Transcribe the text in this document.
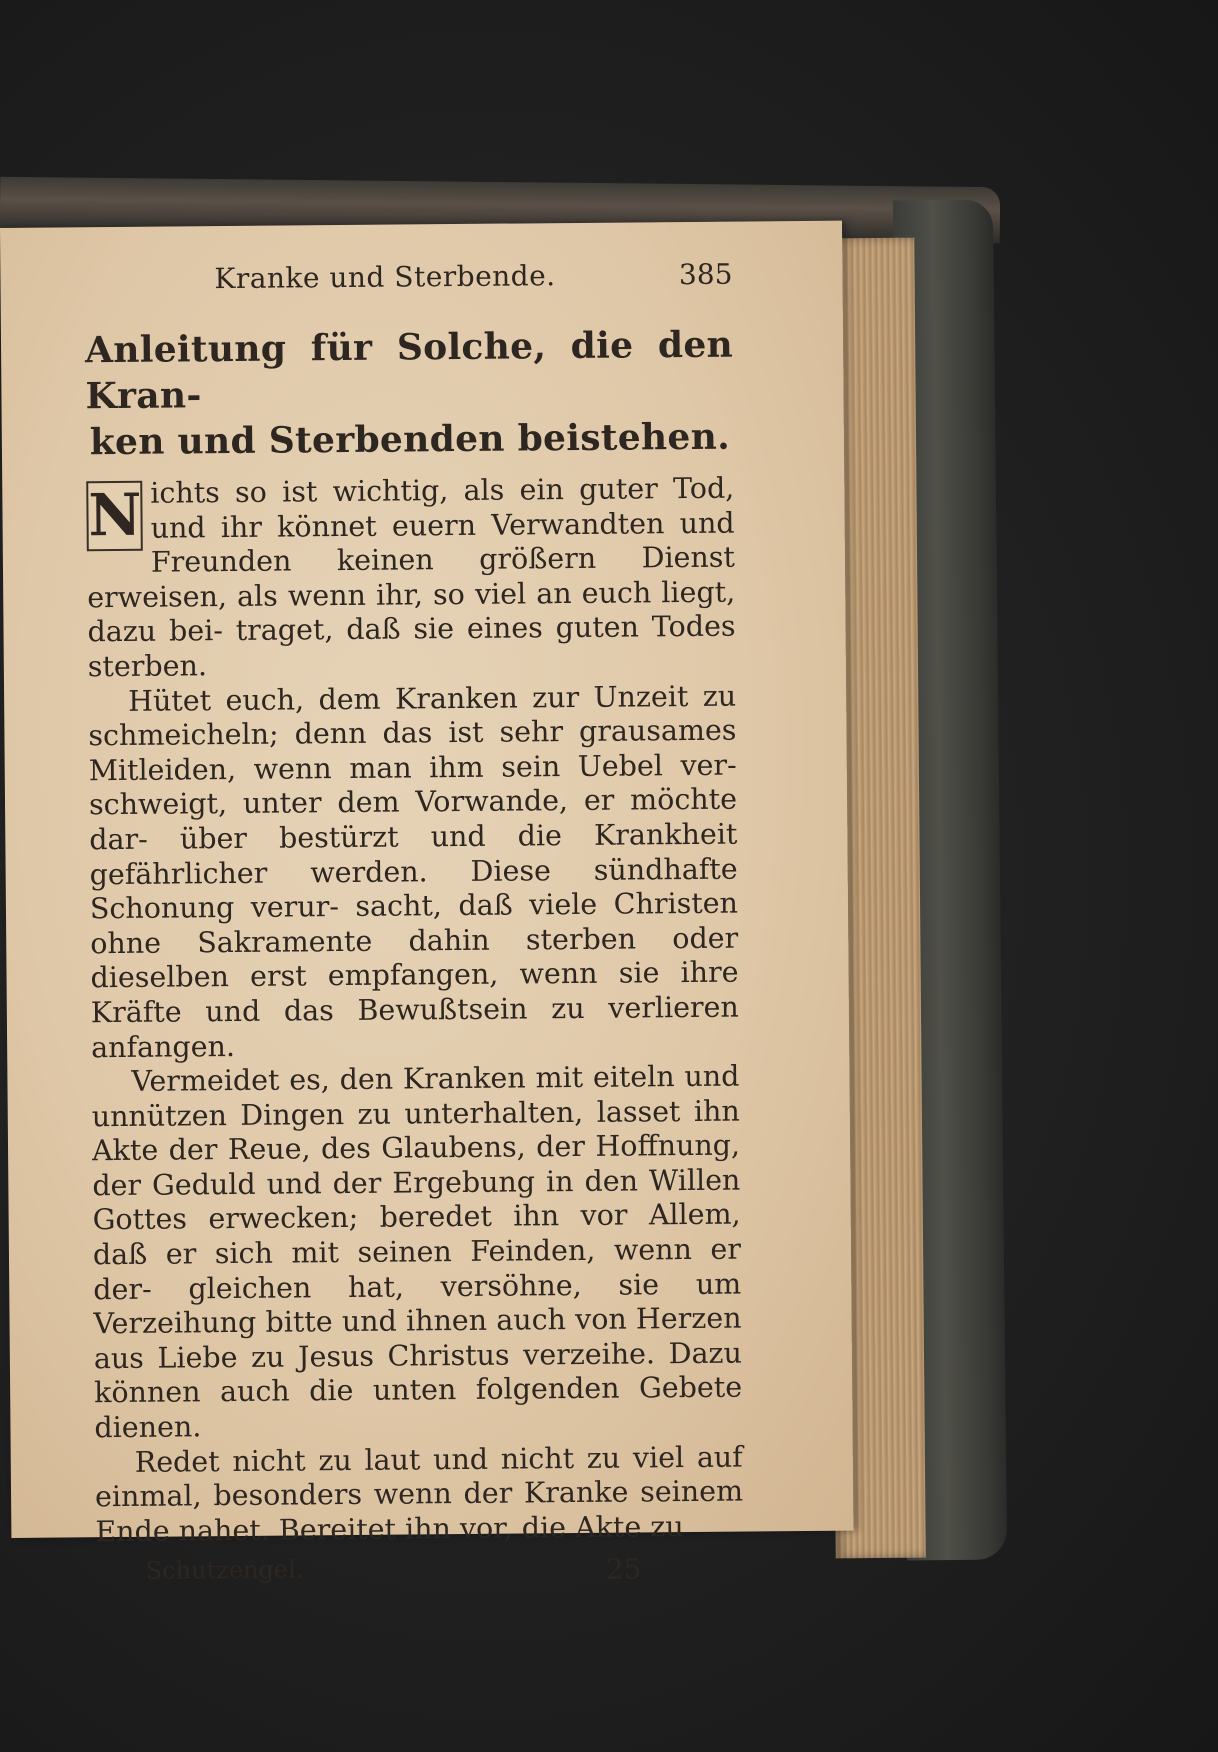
Kranke und Sterbende.	385
Anleitung für Solche, die den Kran-
ken und Sterbenden beistehen.

N ichts so ist wichtig, als ein guter Tod, und ihr könnet euern Verwandten und Freunden keinen größern Dienst erweisen, als wenn ihr, so viel an euch liegt, dazu bei- traget, daß sie eines guten Todes sterben.

Hütet euch, dem Kranken zur Unzeit zu schmeicheln; denn das ist sehr grausames Mitleiden, wenn man ihm sein Uebel ver- schweigt, unter dem Vorwande, er möchte dar- über bestürzt und die Krankheit gefährlicher werden. Diese sündhafte Schonung verur- sacht, daß viele Christen ohne Sakramente dahin sterben oder dieselben erst empfangen, wenn sie ihre Kräfte und das Bewußtsein zu verlieren anfangen.

Vermeidet es, den Kranken mit eiteln und unnützen Dingen zu unterhalten, lasset ihn Akte der Reue, des Glaubens, der Hoffnung, der Geduld und der Ergebung in den Willen Gottes erwecken; beredet ihn vor Allem, daß er sich mit seinen Feinden, wenn er der- gleichen hat, versöhne, sie um Verzeihung bitte und ihnen auch von Herzen aus Liebe zu Jesus Christus verzeihe. Dazu können auch die unten folgenden Gebete dienen.

Redet nicht zu laut und nicht zu viel auf einmal, besonders wenn der Kranke seinem Ende nahet. Bereitet ihn vor, die Akte zu

Schutzengel.	25
